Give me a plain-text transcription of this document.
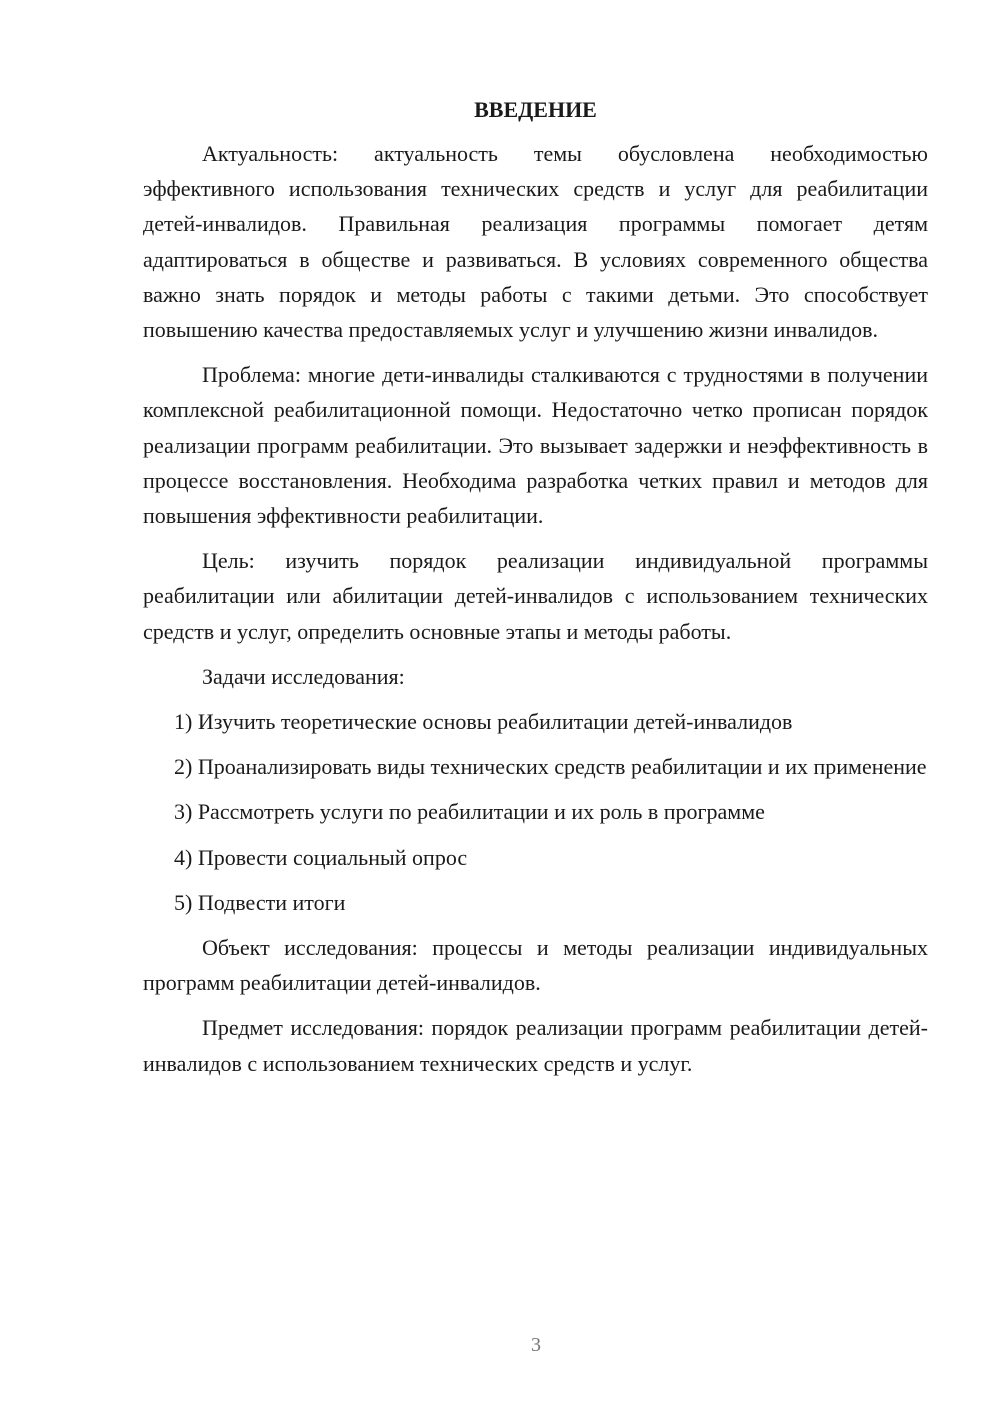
ВВЕДЕНИЕ

Актуальность: актуальность темы обусловлена необходимостью эффективного использования технических средств и услуг для реабилитации детей-инвалидов. Правильная реализация программы помогает детям адаптироваться в обществе и развиваться. В условиях современного общества важно знать порядок и методы работы с такими детьми. Это способствует повышению качества предоставляемых услуг и улучшению жизни инвалидов.

Проблема: многие дети-инвалиды сталкиваются с трудностями в получении комплексной реабилитационной помощи. Недостаточно четко прописан порядок реализации программ реабилитации. Это вызывает задержки и неэффективность в процессе восстановления. Необходима разработка четких правил и методов для повышения эффективности реабилитации.

Цель: изучить порядок реализации индивидуальной программы реабилитации или абилитации детей-инвалидов с использованием технических средств и услуг, определить основные этапы и методы работы.

Задачи исследования:

1) Изучить теоретические основы реабилитации детей-инвалидов

2) Проанализировать виды технических средств реабилитации и их применение

3) Рассмотреть услуги по реабилитации и их роль в программе

4) Провести социальный опрос

5) Подвести итоги

Объект исследования: процессы и методы реализации индивидуальных программ реабилитации детей-инвалидов.

Предмет исследования: порядок реализации программ реабилитации детей-инвалидов с использованием технических средств и услуг.

3
